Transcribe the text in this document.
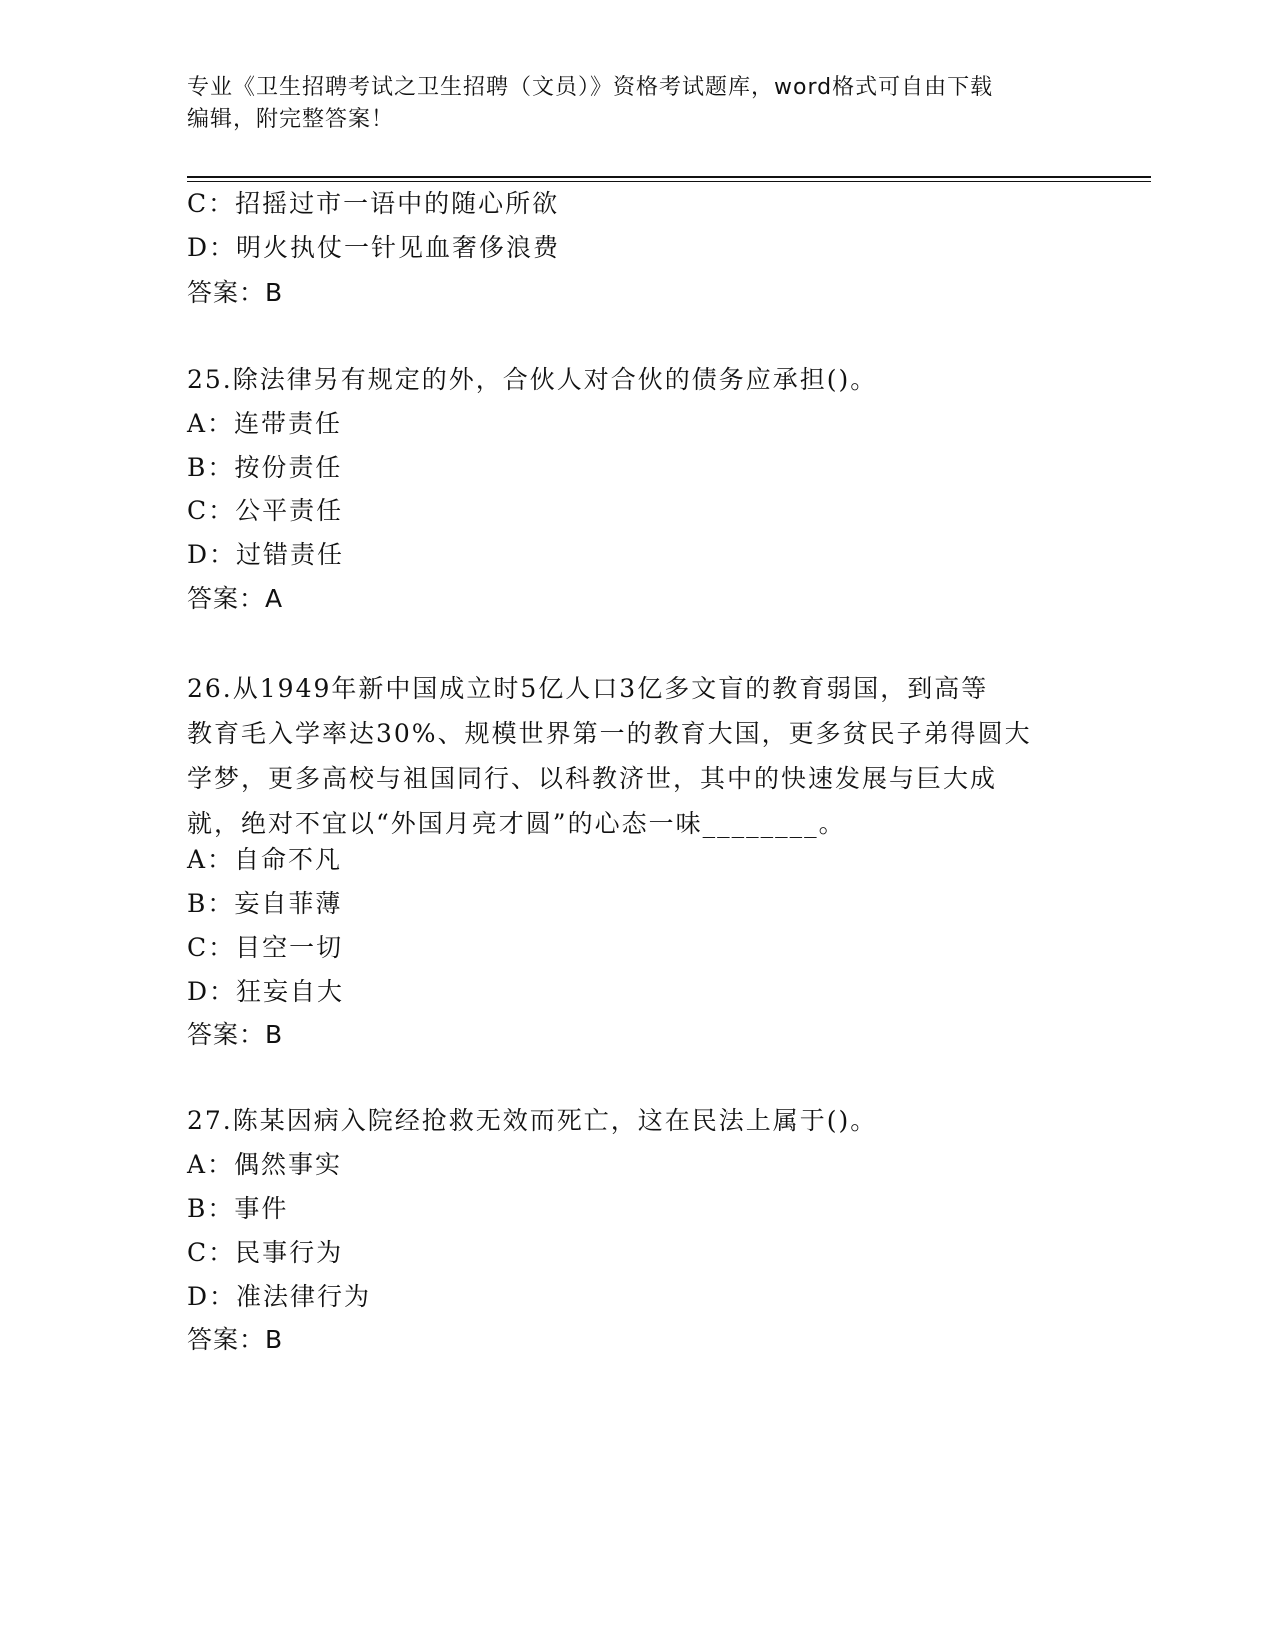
专业《卫生招聘考试之卫生招聘（文员）》资格考试题库，word格式可自由下载
编辑，附完整答案！
C：招摇过市一语中的随心所欲
D：明火执仗一针见血奢侈浪费
答案：B
25.除法律另有规定的外，合伙人对合伙的债务应承担()。
A：连带责任
B：按份责任
C：公平责任
D：过错责任
答案：A
26.从1949年新中国成立时5亿人口3亿多文盲的教育弱国，到高等
教育毛入学率达30%、规模世界第一的教育大国，更多贫民子弟得圆大
学梦，更多高校与祖国同行、以科教济世，其中的快速发展与巨大成
就，绝对不宜以“外国月亮才圆”的心态一味________。
A：自命不凡
B：妄自菲薄
C：目空一切
D：狂妄自大
答案：B
27.陈某因病入院经抢救无效而死亡，这在民法上属于()。
A：偶然事实
B：事件
C：民事行为
D：准法律行为
答案：B
